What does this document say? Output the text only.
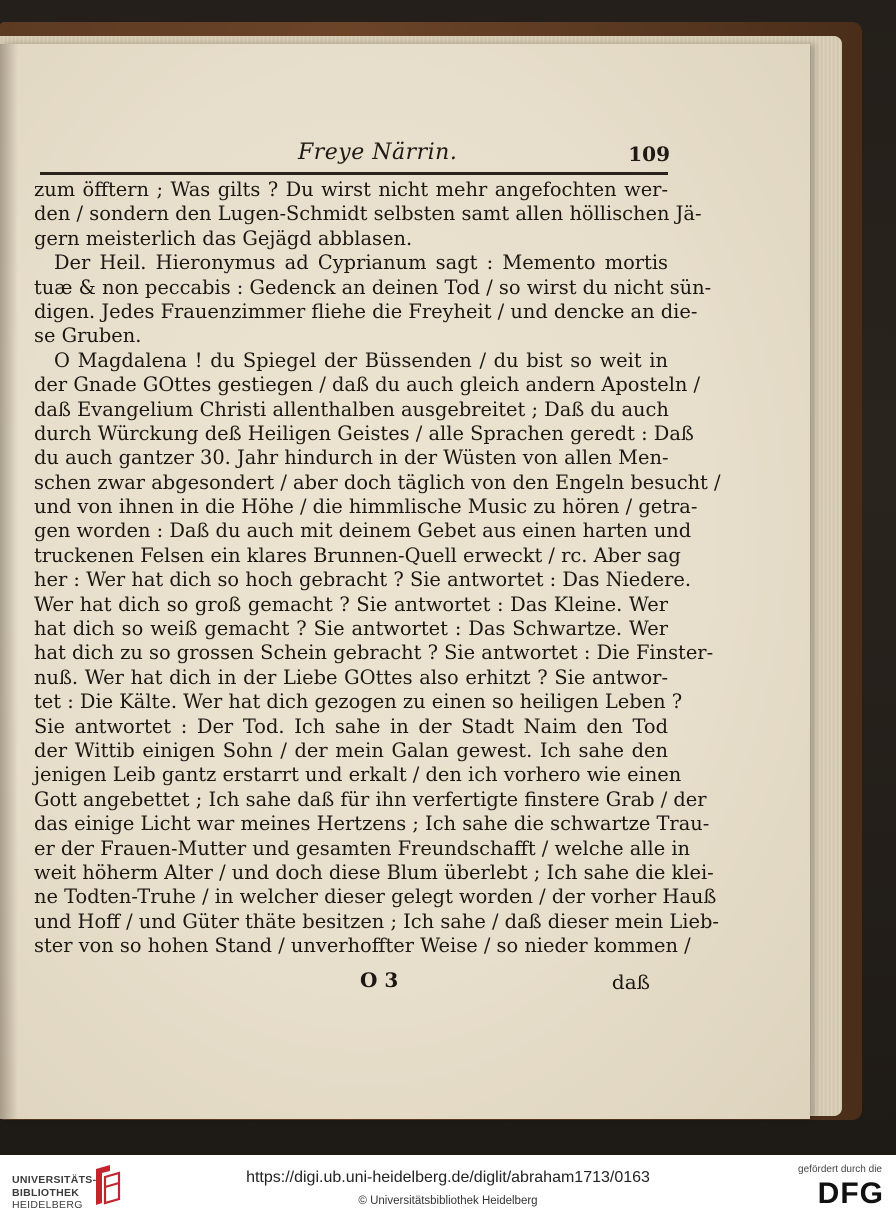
Freye Närrin.	109
zum öfftern ; Was gilts ? Du wirst nicht mehr angefochten wer-
den / sondern den Lugen-Schmidt selbsten samt allen höllischen Jä-
gern meisterlich das Gejägd abblasen.
Der Heil. Hieronymus ad Cyprianum sagt : Memento mortis
tuæ & non peccabis : Gedenck an deinen Tod / so wirst du nicht sün-
digen. Jedes Frauenzimmer fliehe die Freyheit / und dencke an die-
se Gruben.
O Magdalena ! du Spiegel der Büssenden / du bist so weit in
der Gnade GOttes gestiegen / daß du auch gleich andern Aposteln /
daß Evangelium Christi allenthalben ausgebreitet ; Daß du auch
durch Würckung deß Heiligen Geistes / alle Sprachen geredt : Daß
du auch gantzer 30. Jahr hindurch in der Wüsten von allen Men-
schen zwar abgesondert / aber doch täglich von den Engeln besucht /
und von ihnen in die Höhe / die himmlische Music zu hören / getra-
gen worden : Daß du auch mit deinem Gebet aus einen harten und
truckenen Felsen ein klares Brunnen-Quell erweckt / rc. Aber sag
her : Wer hat dich so hoch gebracht ? Sie antwortet : Das Niedere.
Wer hat dich so groß gemacht ? Sie antwortet : Das Kleine. Wer
hat dich so weiß gemacht ? Sie antwortet : Das Schwartze. Wer
hat dich zu so grossen Schein gebracht ? Sie antwortet : Die Finster-
nuß. Wer hat dich in der Liebe GOttes also erhitzt ? Sie antwor-
tet : Die Kälte. Wer hat dich gezogen zu einen so heiligen Leben ?
Sie antwortet : Der Tod. Ich sahe in der Stadt Naim den Tod
der Wittib einigen Sohn / der mein Galan gewest. Ich sahe den
jenigen Leib gantz erstarrt und erkalt / den ich vorhero wie einen
Gott angebettet ; Ich sahe daß für ihn verfertigte finstere Grab / der
das einige Licht war meines Hertzens ; Ich sahe die schwartze Trau-
er der Frauen-Mutter und gesamten Freundschafft / welche alle in
weit höherm Alter / und doch diese Blum überlebt ; Ich sahe die klei-
ne Todten-Truhe / in welcher dieser gelegt worden / der vorher Hauß
und Hoff / und Güter thäte besitzen ; Ich sahe / daß dieser mein Lieb-
ster von so hohen Stand / unverhoffter Weise / so nieder kommen /
O 3	daß
UNIVERSITÄTS-
BIBLIOTHEK
HEIDELBERG
https://digi.ub.uni-heidelberg.de/diglit/abraham1713/0163
© Universitätsbibliothek Heidelberg
gefördert durch die
DFG
